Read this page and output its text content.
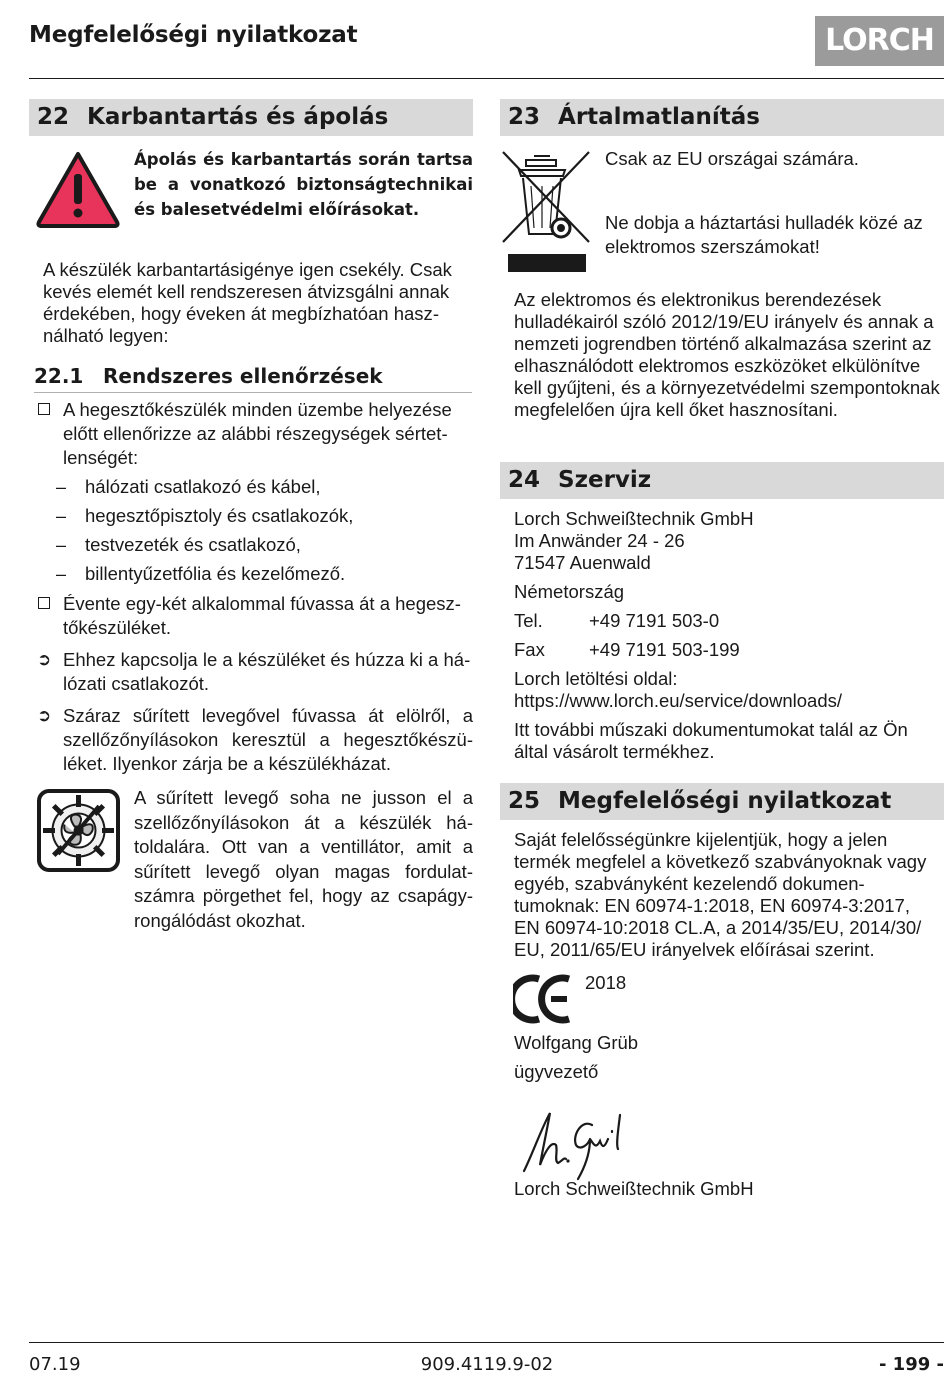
Megfelelőségi nyilatkozat	LORCH
22 Karbantartás és ápolás

Ápolás és karbantartás során tartsa be a vonatkozó biztonságtechnikai és balesetvédelmi előírásokat.

A készülék karbantartásigénye igen csekély. Csak kevés elemét kell rendszeresen átvizsgálni annak érdekében, hogy éveken át megbízhatóan használható legyen:

22.1 Rendszeres ellenőrzések
A hegesztőkészülék minden üzembe helyezése előtt ellenőrizze az alábbi részegységek sértetlenségét:
– hálózati csatlakozó és kábel,
– hegesztőpisztoly és csatlakozók,
– testvezeték és csatlakozó,
– billentyűzetfólia és kezelőmező.
Évente egy-két alkalommal fúvassa át a hegesztőkészüléket.
➲ Ehhez kapcsolja le a készüléket és húzza ki a hálózati csatlakozót.
➲ Száraz sűrített levegővel fúvassa át elölről, a szellőzőnyílásokon keresztül a hegesztőkészüléket. Ilyenkor zárja be a készülékházat.

A sűrített levegő soha ne jusson el a szellőzőnyílásokon át a készülék hátoldalára. Ott van a ventillátor, amit a sűrített levegő olyan magas fordulatszámra pörgethet fel, hogy az csapágyrongálódást okozhat.

23 Ártalmatlanítás

Csak az EU országai számára.

Ne dobja a háztartási hulladék közé az elektromos szerszámokat!

Az elektromos és elektronikus berendezések hulladékairól szóló 2012/19/EU irányelv és annak a nemzeti jogrendben történő alkalmazása szerint az elhasználódott elektromos eszközöket elkülönítve kell gyűjteni, és a környezetvédelmi szempontoknak megfelelően újra kell őket hasznosítani.

24 Szerviz

Lorch Schweißtechnik GmbH

Im Anwänder 24 - 26

71547 Auenwald

Németország

Tel. +49 7191 503-0
Fax +49 7191 503-199

Lorch letöltési oldal:

https://www.lorch.eu/service/downloads/

Itt további műszaki dokumentumokat talál az Ön által vásárolt termékhez.

25 Megfelelőségi nyilatkozat

Saját felelősségünkre kijelentjük, hogy a jelen termék megfelel a következő szabványoknak vagy egyéb, szabványként kezelendő dokumentumoknak: EN 60974-1:2018, EN 60974-3:2017, EN 60974-10:2018 CL.A, a 2014/35/EU, 2014/30/ EU, 2011/65/EU irányelvek előírásai szerint.

2018

Wolfgang Grüb

ügyvezető

Lorch Schweißtechnik GmbH

07.19	909.4119.9-02	- 199 -
